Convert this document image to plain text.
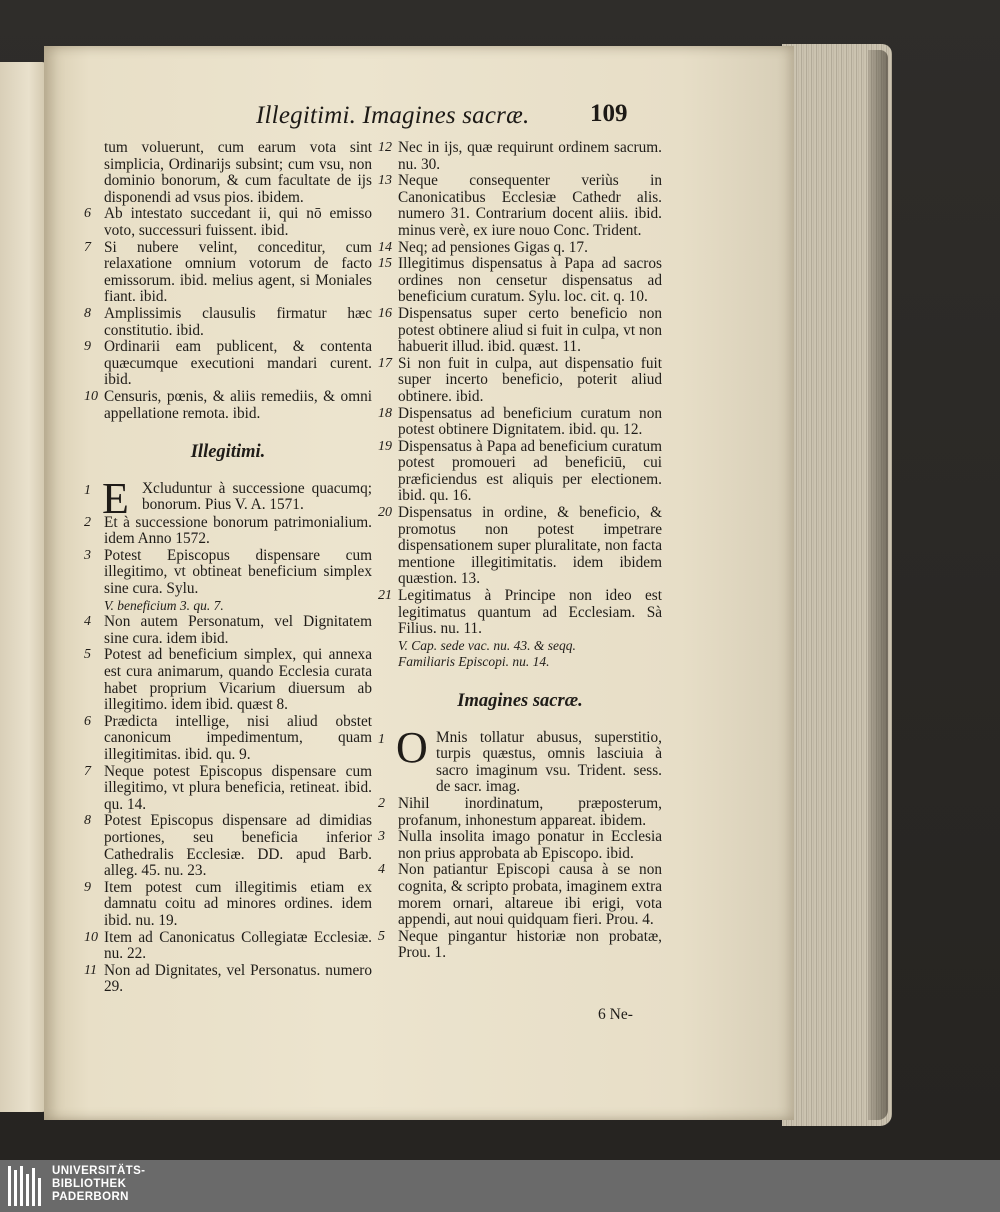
Illegitimi. Imagines sacræ. 109

tum voluerunt, cum earum vota sint simplicia, Ordinarijs subsint; cum vsu, non dominio bonorum, & cum facultate de ijs disponendi ad vsus pios. ibidem.

6 Ab intestato succedant ii, qui nō emisso voto, successuri fuissent. ibid.

7 Si nubere velint, conceditur, cum relaxatione omnium votorum de facto emissorum. ibid. melius agent, si Moniales fiant. ibid.

8 Amplissimis clausulis firmatur hæc constitutio. ibid.

9 Ordinarii eam publicent, & contenta quæcumque executioni mandari curent. ibid.

10 Censuris, pœnis, & aliis remediis, & omni appellatione remota. ibid.

Illegitimi.

1 E Xcluduntur à successione quacumq; bonorum. Pius V. A. 1571.

2 Et à successione bonorum patrimonialium. idem Anno 1572.

3 Potest Episcopus dispensare cum illegitimo, vt obtineat beneficium simplex sine cura. Sylu.

V. beneficium 3. qu. 7.

4 Non autem Personatum, vel Dignitatem sine cura. idem ibid.

5 Potest ad beneficium simplex, qui annexa est cura animarum, quando Ecclesia curata habet proprium Vicarium diuersum ab illegitimo. idem ibid. quæst 8.

6 Prædicta intellige, nisi aliud obstet canonicum impedimentum, quam illegitimitas. ibid. qu. 9.

7 Neque potest Episcopus dispensare cum illegitimo, vt plura beneficia, retineat. ibid. qu. 14.

8 Potest Episcopus dispensare ad dimidias portiones, seu beneficia inferior Cathedralis Ecclesiæ. DD. apud Barb. alleg. 45. nu. 23.

9 Item potest cum illegitimis etiam ex damnatu coitu ad minores ordines. idem ibid. nu. 19.

10 Item ad Canonicatus Collegiatæ Ecclesiæ. nu. 22.

11 Non ad Dignitates, vel Personatus. numero 29.

12 Nec in ijs, quæ requirunt ordinem sacrum. nu. 30.

13 Neque consequenter veriùs in Canonicatibus Ecclesiæ Cathedr alis. numero 31. Contrarium docent aliis. ibid. minus verè, ex iure nouo Conc. Trident.

14 Neq; ad pensiones Gigas q. 17.

15 Illegitimus dispensatus à Papa ad sacros ordines non censetur dispensatus ad beneficium curatum. Sylu. loc. cit. q. 10.

16 Dispensatus super certo beneficio non potest obtinere aliud si fuit in culpa, vt non habuerit illud. ibid. quæst. 11.

17 Si non fuit in culpa, aut dispensatio fuit super incerto beneficio, poterit aliud obtinere. ibid.

18 Dispensatus ad beneficium curatum non potest obtinere Dignitatem. ibid. qu. 12.

19 Dispensatus à Papa ad beneficium curatum potest promoueri ad beneficiū, cui præficiendus est aliquis per electionem. ibid. qu. 16.

20 Dispensatus in ordine, & beneficio, & promotus non potest impetrare dispensationem super pluralitate, non facta mentione illegitimitatis. idem ibidem quæstion. 13.

21 Legitimatus à Principe non ideo est legitimatus quantum ad Ecclesiam. Sà Filius. nu. 11.

V. Cap. sede vac. nu. 43. & seqq.
Familiaris Episcopi. nu. 14.
Imagines sacræ.

1 O Mnis tollatur abusus, superstitio, turpis quæstus, omnis lasciuia à sacro imaginum vsu. Trident. sess. de sacr. imag.

2 Nihil inordinatum, præposterum, profanum, inhonestum appareat. ibidem.

3 Nulla insolita imago ponatur in Ecclesia non prius approbata ab Episcopo. ibid.

4 Non patiantur Episcopi causa à se non cognita, & scripto probata, imaginem extra morem ornari, altareue ibi erigi, vota appendi, aut noui quidquam fieri. Prou. 4.

5 Neque pingantur historiæ non probatæ, Prou. 1.

6 Ne-
UNIVERSITÄTS-
BIBLIOTHEK
PADERBORN
